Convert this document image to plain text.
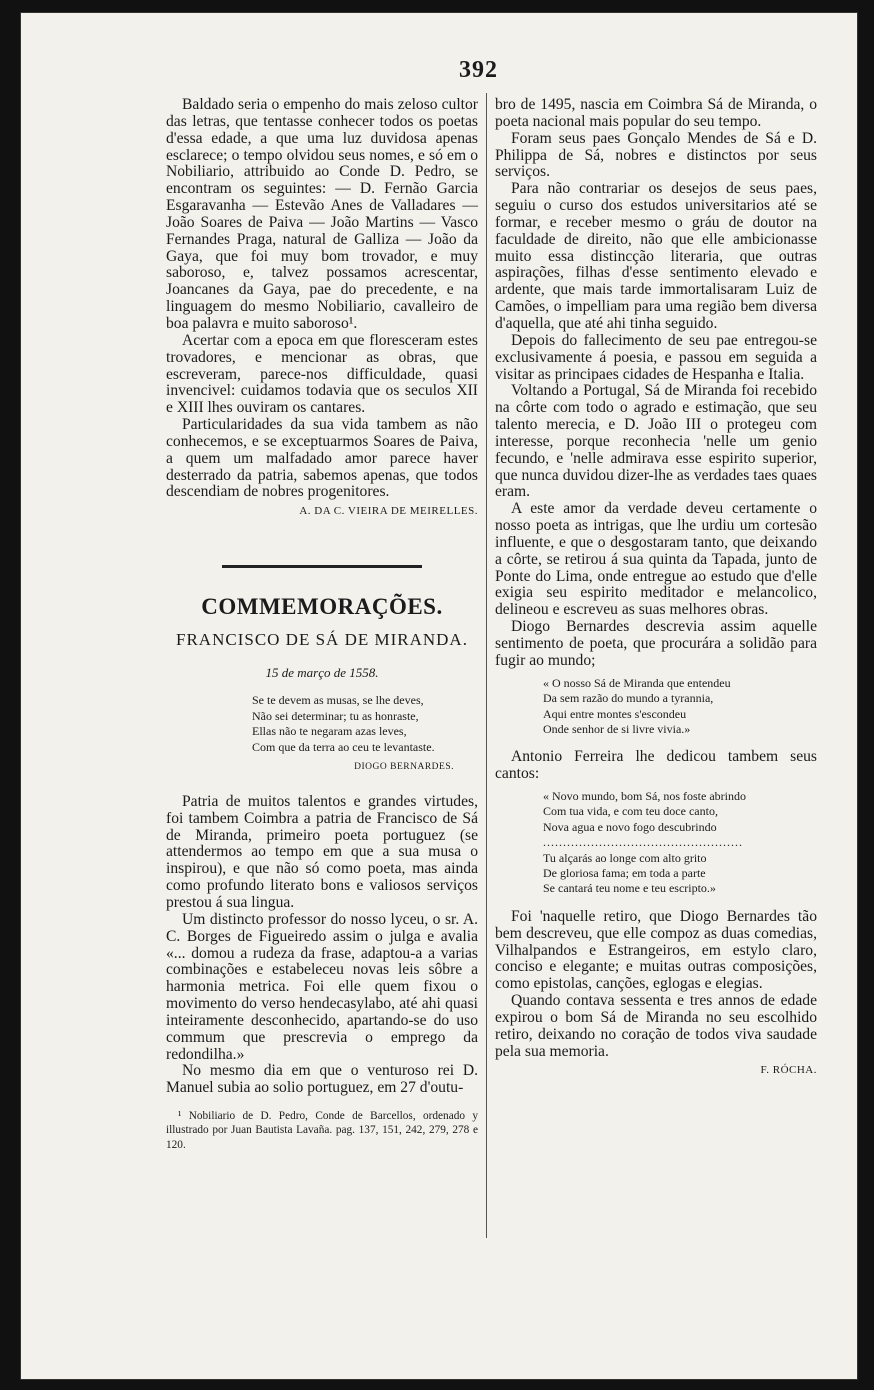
392

Baldado seria o empenho do mais zeloso cultor das letras, que tentasse conhecer todos os poetas d'essa edade, a que uma luz duvidosa apenas esclarece; o tempo olvidou seus nomes, e só em o Nobiliario, attribuido ao Conde D. Pedro, se encontram os seguintes: — D. Fernão Garcia Esgaravanha — Estevão Anes de Valladares — João Soares de Paiva — João Martins — Vasco Fernandes Praga, natural de Galliza — João da Gaya, que foi muy bom trovador, e muy saboroso, e, talvez possamos acrescentar, Joancanes da Gaya, pae do precedente, e na linguagem do mesmo Nobiliario, cavalleiro de boa palavra e muito saboroso¹.

Acertar com a epoca em que floresceram estes trovadores, e mencionar as obras, que escreveram, parece-nos difficuldade, quasi invencivel: cuidamos todavia que os seculos XII e XIII lhes ouviram os cantares.

Particularidades da sua vida tambem as não conhecemos, e se exceptuarmos Soares de Paiva, a quem um malfadado amor parece haver desterrado da patria, sabemos apenas, que todos descendiam de nobres progenitores.

A. DA C. VIEIRA DE MEIRELLES.
COMMEMORAÇÕES.
FRANCISCO DE SÁ DE MIRANDA.
15 de março de 1558.
Se te devem as musas, se lhe deves,
Não sei determinar; tu as honraste,
Ellas não te negaram azas leves,
Com que da terra ao ceu te levantaste.
DIOGO BERNARDES.

Patria de muitos talentos e grandes virtudes, foi tambem Coimbra a patria de Francisco de Sá de Miranda, primeiro poeta portuguez (se attendermos ao tempo em que a sua musa o inspirou), e que não só como poeta, mas ainda como profundo literato bons e valiosos serviços prestou á sua lingua.

Um distincto professor do nosso lyceu, o sr. A. C. Borges de Figueiredo assim o julga e avalia «... domou a rudeza da frase, adaptou-a a varias combinações e estabeleceu novas leis sôbre a harmonia metrica. Foi elle quem fixou o movimento do verso hendecasylabo, até ahi quasi inteiramente desconhecido, apartando-se do uso commum que prescrevia o emprego da redondilha.»

No mesmo dia em que o venturoso rei D. Manuel subia ao solio portuguez, em 27 d'outu-

¹ Nobiliario de D. Pedro, Conde de Barcellos, ordenado y illustrado por Juan Bautista Lavaña. pag. 137, 151, 242, 279, 278 e 120.

bro de 1495, nascia em Coimbra Sá de Miranda, o poeta nacional mais popular do seu tempo.

Foram seus paes Gonçalo Mendes de Sá e D. Philippa de Sá, nobres e distinctos por seus serviços.

Para não contrariar os desejos de seus paes, seguiu o curso dos estudos universitarios até se formar, e receber mesmo o gráu de doutor na faculdade de direito, não que elle ambicionasse muito essa distincção literaria, que outras aspirações, filhas d'esse sentimento elevado e ardente, que mais tarde immortalisaram Luiz de Camões, o impelliam para uma região bem diversa d'aquella, que até ahi tinha seguido.

Depois do fallecimento de seu pae entregou-se exclusivamente á poesia, e passou em seguida a visitar as principaes cidades de Hespanha e Italia.

Voltando a Portugal, Sá de Miranda foi recebido na côrte com todo o agrado e estimação, que seu talento merecia, e D. João III o protegeu com interesse, porque reconhecia 'nelle um genio fecundo, e 'nelle admirava esse espirito superior, que nunca duvidou dizer-lhe as verdades taes quaes eram.

A este amor da verdade deveu certamente o nosso poeta as intrigas, que lhe urdiu um cortesão influente, e que o desgostaram tanto, que deixando a côrte, se retirou á sua quinta da Tapada, junto de Ponte do Lima, onde entregue ao estudo que d'elle exigia seu espirito meditador e melancolico, delineou e escreveu as suas melhores obras.

Diogo Bernardes descrevia assim aquelle sentimento de poeta, que procurára a solidão para fugir ao mundo;

« O nosso Sá de Miranda que entendeu
Da sem razão do mundo a tyrannia,
Aqui entre montes s'escondeu
Onde senhor de si livre vivia.»

Antonio Ferreira lhe dedicou tambem seus cantos:

« Novo mundo, bom Sá, nos foste abrindo
Com tua vida, e com teu doce canto,
Nova agua e novo fogo descubrindo
..................................................
Tu alçarás ao longe com alto grito
De gloriosa fama; em toda a parte
Se cantará teu nome e teu escripto.»

Foi 'naquelle retiro, que Diogo Bernardes tão bem descreveu, que elle compoz as duas comedias, Vilhalpandos e Estrangeiros, em estylo claro, conciso e elegante; e muitas outras composições, como epistolas, canções, eglogas e elegias.

Quando contava sessenta e tres annos de edade expirou o bom Sá de Miranda no seu escolhido retiro, deixando no coração de todos viva saudade pela sua memoria.

F. RÓCHA.
